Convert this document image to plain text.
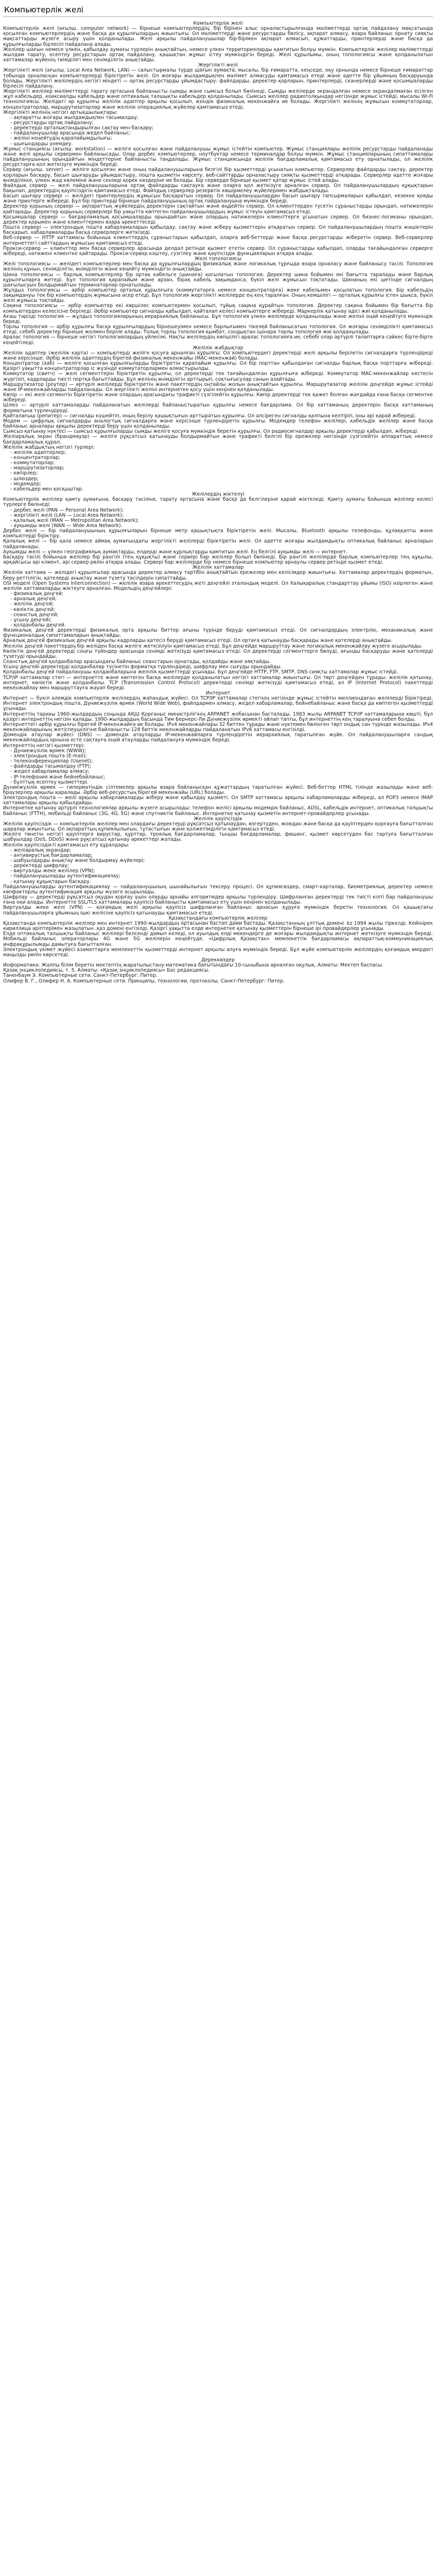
Компьютерлік желі
Компьютерлік желі

Компьютерлік желі (ағылш. computer network) — бірнеше компьютерлердің, бір бірінен алыс орналастырылғанда мәліметтерді ортақ пайдалану мақсатында қосылған компьютерлердің және басқа да құрылғылардың жиынтығы. Ол мәліметтерді және ресурстарды бөлісу, ақпарат алмасу, өзара байланыс орнату сияқты мақсаттарды жүзеге асыру үшін қолданылады. Желі арқылы пайдаланушылар бір-бірімен ақпарат алмасып, құжаттарды, принтерлерді және басқа да құрылғыларды бірлесіп пайдалана алады.

Желілер шағын немесе үлкен, қабылдау аумағы түрлерін анықтайтын, немесе үлкен территорияларды қамтитын болуы мүмкін. Компьютерлік желілер мәліметтерді жылдам тарату, есептеу ресурстарын ортақ пайдалану, қашықтан жұмыс істеу мүмкіндігін береді. Желі құрылымы, оның топологиясы және қолданылатын хаттамалар жүйенің тиімділігі мен сенімділігін анықтайды.

Жергілікті желі

Жергілікті желі (ағылш. Local Area Network, LAN) — салыстырмалы түрде шағын аумақта, мысалы, бір ғимаратта, кеңседе, оқу орнында немесе бірнеше ғимараттар тобында орналасқан компьютерлерді біріктіретін желі. Ол жоғары жылдамдықпен мәлімет алмасуды қамтамасыз етеді және әдетте бір ұйымның басқаруында болады. Жергілікті желілердің негізгі міндеті — ортақ ресурстарды ұйымдастыру: файлдарды, деректер қорларын, принтерлерді, сканерлерді және қосымшаларды бірлесіп пайдалану.

Жергілікті желілер мәліметтерді тарату ортасына байланысты сымды және сымсыз болып бөлінеді. Сымды желілерде экрандалған немесе экрандалмаған есілген жұп кабельдер, коаксиалды кабельдер және оптикалық талшықты кабельдер қолданылады. Сымсыз желілер радиотолқындар негізінде жұмыс істейді, мысалы Wi-Fi технологиясы. Желідегі әр құрылғы желілік адаптер арқылы қосылып, өзіндік физикалық мекенжайға ие болады. Жергілікті желінің жұмысын коммутаторлар, концентраторлар, маршрутизаторлар және желілік операциялық жүйелер қамтамасыз етеді.

Жергілікті желінің негізгі артықшылықтары:

- ақпаратты жоғары жылдамдықпен тасымалдау;
- ресурстарды ортақ пайдалану;
- деректерді орталықтандырылған сақтау мен басқару;
- пайдаланушылар арасында жедел байланыс;
- желіні кеңейтудің қарапайымдылығы;
- шығындарды үнемдеу.

Жұмыс станциясы (ағылш. workstation) — желіге қосылған және пайдаланушы жұмыс істейтін компьютер. Жұмыс станциялары желілік ресурстарды пайдаланады және желі арқылы сервермен байланысады. Олар дербес компьютерлер, ноутбуктар немесе терминалдар болуы мүмкін. Жұмыс станцияларының сипаттамалары пайдаланушының орындайтын міндеттеріне байланысты таңдалады. Жұмыс станциясында желілік бағдарламалық қамтамасыз ету орнатылады, ол желілік ресурстарға қол жеткізуге мүмкіндік береді.

Сервер (ағылш. server) — желіге қосылған және оның пайдаланушыларына белгілі бір қызметтерді ұсынатын компьютер. Серверлер файлдарды сақтау, деректер қорларын басқару, басып шығаруды ұйымдастыру, пошта қызметін көрсету, веб-сайттарды орналастыру сияқты қызметтерді атқарады. Серверлер әдетте жоғары өнімділікке, үлкен жад көлеміне және сенімді қорек көздеріне ие болады. Бір серверде бірнеше қызмет қатар жұмыс істей алады.

Файлдық сервер — желі пайдаланушыларына ортақ файлдарды сақтауға және оларға қол жеткізуге арналған сервер. Ол пайдаланушылардың құқықтарын бақылап, деректердің қауіпсіздігін қамтамасыз етеді. Файлдық серверлер резервтік көшірмелеу жүйелерімен жабдықталады.

Басып шығару сервері — желідегі принтерлердің жұмысын басқаратын сервер. Ол пайдаланушылардан басып шығару тапсырмаларын қабылдап, кезекке қояды және принтерге жібереді. Бұл бір принтерді бірнеше пайдаланушының ортақ пайдалануына мүмкіндік береді.

Деректер қорының сервері — ақпараттық жүйелердің деректерін сақтайтын және өңдейтін сервер. Ол клиенттерден түсетін сұраныстарды орындап, нәтижелерін қайтарады. Деректер қорының серверлері бір уақытта көптеген пайдаланушылардың жұмыс істеуін қамтамасыз етеді.

Қосымшалар сервері — бағдарламалық қосымшаларды орындайтын және олардың нәтижелерін клиенттерге ұсынатын сервер. Ол бизнес-логиканы орындап, деректер қорымен және клиенттермен өзара әрекеттеседі.

Пошта сервері — электрондық пошта хабарламаларын қабылдау, сақтау және жіберу қызметтерін атқаратын сервер. Ол пайдаланушылардың пошта жәшіктерін басқарып, хабарламаларды басқа серверлерге жеткізеді.

Веб-сервер — HTTP хаттамасы бойынша клиенттердің сұраныстарын қабылдап, оларға веб-беттерді және басқа ресурстарды жіберетін сервер. Веб-серверлер интернеттегі сайттардың жұмысын қамтамасыз етеді.

Прокси-сервер — клиенттер мен басқа серверлер арасында делдал ретінде қызмет ететін сервер. Ол сұраныстарды қабылдап, оларды тағайындалған серверге жібереді, нәтижені клиентке қайтарады. Прокси-сервер кэштеу, сүзгілеу және қауіпсіздік функцияларын атқара алады.

Желі топологиясы

Желі топологиясы — желідегі компьютерлер мен басқа да құрылғылардың физикалық және логикалық тұрғыда өзара орналасу және байланысу тәсілі. Топология желінің құнын, сенімділігін, өнімділігін және кеңейту мүмкіндігін анықтайды.

Шина топологиясы — барлық компьютерлер бір ортақ кабельге (шинаға) қосылатын топология. Деректер шина бойымен екі бағытта таралады және барлық құрылғыларға жетеді. Бұл топология қарапайым және арзан, бірақ кабель зақымданса, бүкіл желі жұмысын тоқтатады. Шинаның екі шетінде сигналдың шағылысуын болдырмайтын терминаторлар орнатылады.

Жұлдыз топологиясы — әрбір компьютер орталық құрылғыға (коммутаторға немесе концентраторға) жеке кабельмен қосылатын топология. Бір кабельдің зақымдануы тек бір компьютердің жұмысына әсер етеді. Бұл топология жергілікті желілерде ең кең таралған. Оның кемшілігі — орталық құрылғы істен шықса, бүкіл желі жұмысы тоқтайды.

Сақина топологиясы — әрбір компьютер екі көршілес компьютермен қосылып, тұйық сақина құрайтын топология. Деректер сақина бойымен бір бағытта бір компьютерден келесісіне беріледі. Әрбір компьютер сигналды қабылдап, қайталап келесі компьютерге жібереді. Маркерлік қатынау әдісі жиі қолданылады.

Ағаш тәрізді топология — жұлдыз топологияларының иерархиялық байланысы. Бұл топология үлкен желілерде қолданылады және желіні оңай кеңейтуге мүмкіндік береді.

Торлы топология — әрбір құрылғы басқа құрылғылардың бірнешеуімен немесе барлығымен тікелей байланысатын топология. Ол жоғары сенімділікті қамтамасыз етеді, себебі деректер бірнеше жолмен беріле алады. Толық торлы топология қымбат, сондықтан ішінара торлы топология жиі қолданылады.

Аралас топология — бірнеше негізгі топологиялардың үйлесімі. Нақты желілердің көпшілігі аралас топологияға ие, себебі олар әртүрлі талаптарға сәйкес бірте-бірте кеңейтіледі.

Желілік жабдықтар

Желілік адаптер (желілік карта) — компьютерді желіге қосуға арналған құрылғы. Ол компьютердегі деректерді желі арқылы берілетін сигналдарға түрлендіреді және керісінше. Әрбір желілік адаптердің бірегей физикалық мекенжайы (MAC-мекенжай) болады.

Концентратор (хаб) — желіге қосылған құрылғыларды біріктіретін қарапайым құрылғы. Ол бір порттан қабылдаған сигналды барлық басқа порттарға жібереді. Қазіргі уақытта концентраторлар іс жүзінде коммутаторлармен алмастырылды.

Коммутатор (свитч) — желі сегменттерін біріктіретін құрылғы, ол деректерді тек тағайындалған құрылғыға жібереді. Коммутатор MAC-мекенжайлар кестесін жүргізіп, кадрларды тиісті портқа бағыттайды. Бұл желінің өнімділігін арттырып, соқтығысулар санын азайтады.

Маршрутизатор (роутер) — әртүрлі желілерді біріктіретін және пакеттердің оңтайлы жолын анықтайтын құрылғы. Маршрутизатор желілік деңгейде жұмыс істейді және IP-мекенжайларды пайдаланады. Ол жергілікті желіні интернетке қосу үшін кеңінен қолданылады.

Көпір — екі желі сегментін біріктіретін және олардың арасындағы трафикті сүзгілейтін құрылғы. Көпір деректерді тек қажет болған жағдайда ғана басқа сегментке жібереді.

Шлюз — әртүрлі хаттамаларды пайдаланатын желілерді байланыстыратын құрылғы немесе бағдарлама. Ол бір хаттаманың деректерін басқа хаттаманың форматына түрлендіреді.

Қайталағыш (репитер) — сигналды күшейтіп, оның берілу қашықтығын арттыратын құрылғы. Ол әлсіреген сигналды қалпына келтіріп, оны әрі қарай жібереді.

Модем — цифрлық сигналдарды аналогтық сигналдарға және керісінше түрлендіретін құрылғы. Модемдер телефон желілері, кабельдік желілер және басқа байланыс арналары арқылы деректерді беру үшін қолданылады.

Сымсыз қатынау нүктесі — сымсыз құрылғыларды сымды желіге қосуға мүмкіндік беретін құрылғы. Ол радиосигналдар арқылы деректерді қабылдап, жібереді.

Желіаралық экран (брандмауэр) — желіге рұқсатсыз қатынауды болдырмайтын және трафикті белгілі бір ережелер негізінде сүзгілейтін аппараттық немесе бағдарламалық құрал.

Желілік жабдықтың негізгі түрлері:

- желілік адаптерлер;
- концентраторлар;
- коммутаторлар;
- маршрутизаторлар;
- көпірлер;
- шлюздер;
- модемдер;
- кабельдер мен қосқыштар.
Желілердің жіктелуі

Компьютерлік желілер қамту аумағына, басқару тәсіліне, тарату ортасына және басқа да белгілеріне қарай жіктеледі. Қамту аумағы бойынша желілер келесі түрлерге бөлінеді:

- дербес желі (PAN — Personal Area Network);
- жергілікті желі (LAN — Local Area Network);
- қалалық желі (MAN — Metropolitan Area Network);
- ауқымды желі (WAN — Wide Area Network).

Дербес желі — бір пайдаланушының құрылғыларын бірнеше метр қашықтықта біріктіретін желі. Мысалы, Bluetooth арқылы телефонды, құлаққапты және компьютерді біріктіру.

Қалалық желі — бір қала немесе аймақ аумағындағы жергілікті желілерді біріктіретін желі. Ол әдетте жоғары жылдамдықты оптикалық байланыс арналарын пайдаланады.

Ауқымды желі — үлкен географиялық аумақтарды, елдерді және құрлықтарды қамтитын желі. Ең белгілі ауқымды желі — интернет.

Басқару тәсілі бойынша желілер бір рангілі (тең құқықты) және сервері бар желілер болып бөлінеді. Бір рангілі желілерде барлық компьютерлер тең құқылы, әрқайсысы әрі клиент, әрі сервер рөлін атқара алады. Сервері бар желілерде бір немесе бірнеше компьютер арнаулы сервер ретінде қызмет етеді.

Желілік хаттамалар

Желілік хаттама — желідегі құрылғылар арасында деректер алмасу тәртібін анықтайтын ережелер мен келісімдер жиынтығы. Хаттамалар деректердің форматын, беру реттілігін, қателерді анықтау және түзету тәсілдерін сипаттайды.

OSI моделі (Open Systems Interconnection) — желілік өзара әрекеттесудің жеті деңгейлі эталондық моделі. Ол Халықаралық стандарттау ұйымы (ISO) әзірлеген және желілік хаттамаларды жіктеуге арналған. Модельдің деңгейлері:

- физикалық деңгей;
- арналық деңгей;
- желілік деңгей;
- көліктік деңгей;
- сеанстық деңгей;
- ұсыну деңгейі;
- қолданбалы деңгей.

Физикалық деңгей деректерді физикалық орта арқылы биттер ағыны түрінде беруді қамтамасыз етеді. Ол сигналдардың электрлік, механикалық және функционалдық сипаттамаларын анықтайды.

Арналық деңгей физикалық деңгей арқылы кадрларды қатесіз беруді қамтамасыз етеді. Ол ортаға қатынауды басқарады және қателерді анықтайды.

Желілік деңгей пакеттердің бір желіден басқа желіге жеткізілуін қамтамасыз етеді. Бұл деңгейде маршруттау және логикалық мекенжайлау жүзеге асырылады.

Көліктік деңгей деректерді соңғы түйіндер арасында сенімді жеткізуді қамтамасыз етеді. Ол деректерді сегменттерге бөлуді, ағынды басқаруды және қателерді түзетуді орындайды.

Сеанстық деңгей қолданбалар арасындағы байланыс сеанстарын орнатады, қолдайды және аяқтайды.

Ұсыну деңгейі деректерді қолданбалар түсінетін форматқа түрлендіреді, шифрлау мен сығуды орындайды.

Қолданбалы деңгей пайдаланушы қолданбаларына желілік қызметтерді ұсынады. Бұл деңгейде HTTP, FTP, SMTP, DNS сияқты хаттамалар жұмыс істейді.

TCP/IP хаттамалар стегі — интернетте және көптеген басқа желілерде қолданылатын негізгі хаттамалар жиынтығы. Ол төрт деңгейден тұрады: желілік қатынау, интернет, көліктік және қолданбалы. TCP (Transmission Control Protocol) деректерді сенімді жеткізуді қамтамасыз етеді, ал IP (Internet Protocol) пакеттерді мекенжайлау мен маршруттауға жауап береді.

Интернет

Интернет — бүкіл әлемдік компьютерлік желілердің жаһандық жүйесі. Ол TCP/IP хаттамалар стегінің негізінде жұмыс істейтін миллиондаған желілерді біріктіреді. Интернет электрондық пошта, Дүниежүзілік өрмек (World Wide Web), файлдармен алмасу, жедел хабарламалар, бейнебайланыс және басқа да көптеген қызметтерді ұсынады.

Интернеттің тарихы 1960-жылдардың соңында АҚШ Қорғаныс министрлігінің ARPANET жобасынан басталады. 1983 жылы ARPANET TCP/IP хаттамаларына көшті, бұл қазіргі интернеттің негізін қалады. 1990-жылдардың басында Тим Бернерс-Ли Дүниежүзілік өрмекті ойлап тапты, бұл интернеттің кең таралуына себеп болды.

Интернеттегі әрбір құрылғы бірегей IP-мекенжайға ие болады. IPv4 мекенжайлары 32 биттен тұрады және нүктемен бөлінген төрт ондық сан түрінде жазылады. IPv4 мекенжайларының жетіспеушілігіне байланысты 128 биттік мекенжайларды пайдаланатын IPv6 хаттамасы енгізілді.

Домендік атаулар жүйесі (DNS) — домендік атауларды IP-мекенжайларға түрлендіретін иерархиялық таратылған жүйе. Ол пайдаланушыларға сандық мекенжайлардың орнына есте сақтауға оңай атауларды пайдалануға мүмкіндік береді.

Интернеттің негізгі қызметтері:

- Дүниежүзілік өрмек (WWW);
- электрондық пошта (E-mail);
- телеконференциялар (Usenet);
- файлдарды тасымалдау (FTP);
- жедел хабарламалар алмасу;
- IP-телефония және бейнебайланыс;
- бұлттық есептеу қызметтері.

Дүниежүзілік өрмек — гипермәтіндік сілтемелер арқылы өзара байланысқан құжаттардың таратылған жүйесі. Веб-беттер HTML тілінде жазылады және веб-браузерлер арқылы қаралады. Әрбір веб-ресурстың бірегей мекенжайы (URL) болады.

Электрондық пошта — желі арқылы хабарламаларды жіберу және қабылдау қызметі. Ол SMTP хаттамасы арқылы хабарламаларды жібереді, ал POP3 немесе IMAP хаттамалары арқылы қабылдайды.

Интернетке қатынау әртүрлі технологиялар арқылы жүзеге асырылады: телефон желісі арқылы модемдік байланыс, ADSL, кабельдік интернет, оптикалық талшықты байланыс (FTTH), мобильді байланыс (3G, 4G, 5G) және спутниктік байланыс. Интернетке қатынау қызметін интернет-провайдерлер ұсынады.

Желілік қауіпсіздік

Желілік қауіпсіздік — компьютерлік желілер мен олардағы деректерді рұқсатсыз қатынаудан, өзгертуден, жоюдан және басқа да қауіптерден қорғауға бағытталған шаралар жиынтығы. Ол ақпараттың құпиялылығын, тұтастығын және қолжетімділігін қамтамасыз етеді.

Желіге төнетін негізгі қауіптерге вирустар, құрттар, троялық бағдарламалар, тыңшы бағдарламалар, фишинг, қызмет көрсетуден бас тартуға бағытталған шабуылдар (DoS, DDoS) және рұқсатсыз қатынау әрекеттері жатады.

Желілік қауіпсіздікті қамтамасыз ету құралдары:

- желіаралық экрандар;
- антивирустық бағдарламалар;
- шабуылдарды анықтау және болдырмау жүйелері;
- деректерді шифрлау;
- виртуалды жеке желілер (VPN);
- пайдаланушыларды аутентификациялау;
- қатынау құқықтарын басқару.

Пайдаланушыларды аутентификациялау — пайдаланушының шынайылығын тексеру процесі. Ол құпиясөздер, смарт-карталар, биометриялық деректер немесе көпфакторлы аутентификация арқылы жүзеге асырылады.

Шифрлау — деректерді рұқсатсыз оқудан қорғау үшін оларды арнайы алгоритмдер арқылы түрлендіру. Шифрланған деректерді тек тиісті кілті бар пайдаланушы ғана оқи алады. Интернетте SSL/TLS хаттамалары қауіпсіз байланысты қамтамасыз ету үшін кеңінен қолданылады.

Виртуалды жеке желі (VPN) — қоғамдық желі арқылы қауіпсіз шифрланған байланыс арнасын құруға мүмкіндік беретін технология. Ол қашықтағы пайдаланушыларға ұйымның ішкі желісіне қауіпсіз қатынауды қамтамасыз етеді.

Қазақстандағы компьютерлік желілер

Қазақстанда компьютерлік желілер мен интернет 1990-жылдардың ортасынан бастап дами бастады. Қазақстанның ұлттық домені .kz 1994 жылы тіркелді. Кейінірек кириллица әріптерімен жазылатын .қаз домені енгізілді. Қазіргі уақытта елде интернетке қатынау қызметтерін бірнеше ірі провайдерлер ұсынады.

Елде оптикалық талшықты байланыс желілері белсенді дамып келеді, ол ауылдық елді мекендерге де жоғары жылдамдықты интернет жеткізуге мүмкіндік береді. Мобильді байланыс операторлары 4G және 5G желілерін кеңейтуде. «Цифрлық Қазақстан» мемлекеттік бағдарламасы ақпараттық-коммуникациялық инфрақұрылымды дамытуға бағытталған.

Электрондық үкімет жүйесі азаматтарға мемлекеттік қызметтерді интернет арқылы алуға мүмкіндік береді. Бұл жүйе компьютерлік желілердің қоғамдық өмірдегі маңызды рөлін көрсетеді.

Дереккөздер

Информатика: Жалпы білім беретін мектептің жаратылыстану-математика бағытындағы 10-сыныбына арналған оқулық. Алматы: Мектеп баспасы.

Қазақ энциклопедиясы, т. 5. Алматы: «Қазақ энциклопедиясы» Бас редакциясы.

Таненбаум Э. Компьютерные сети. Санкт-Петербург: Питер.

Олифер В. Г., Олифер Н. А. Компьютерные сети. Принципы, технологии, протоколы. Санкт-Петербург: Питер.
